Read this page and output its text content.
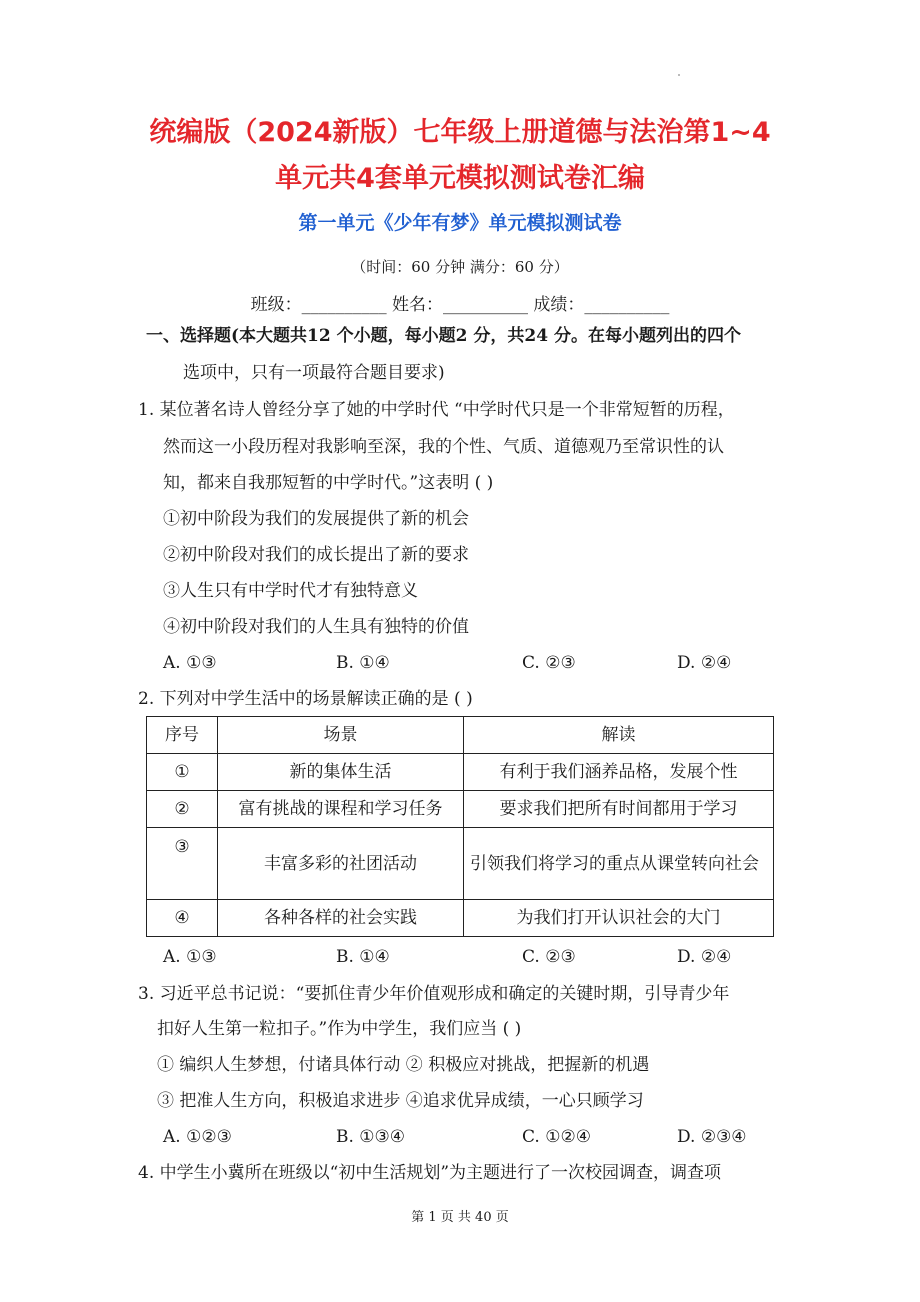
统编版（2024新版）七年级上册道德与法治第1~4
单元共4套单元模拟测试卷汇编
第一单元《少年有梦》单元模拟测试卷
（时间：60 分钟 满分：60 分）
班级：__________ 姓名：__________ 成绩：__________
一、选择题(本大题共12 个小题，每小题2 分，共24 分。在每小题列出的四个
选项中，只有一项最符合题目要求)
1. 某位著名诗人曾经分享了她的中学时代 “中学时代只是一个非常短暂的历程，
然而这一小段历程对我影响至深，我的个性、气质、道德观乃至常识性的认
知，都来自我那短暂的中学时代。”这表明 ( )
①初中阶段为我们的发展提供了新的机会
②初中阶段对我们的成长提出了新的要求
③人生只有中学时代才有独特意义
④初中阶段对我们的人生具有独特的价值
A. ①③	B. ①④	C. ②③	D. ②④
2. 下列对中学生活中的场景解读正确的是 ( )
序号	场景	解读
①	新的集体生活	有利于我们涵养品格，发展个性
②	富有挑战的课程和学习任务	要求我们把所有时间都用于学习
③	丰富多彩的社团活动	引领我们将学习的重点从课堂转向社会
④	各种各样的社会实践	为我们打开认识社会的大门
A. ①③	B. ①④	C. ②③	D. ②④
3. 习近平总书记说：“要抓住青少年价值观形成和确定的关键时期，引导青少年
扣好人生第一粒扣子。”作为中学生，我们应当 ( )
① 编织人生梦想，付诸具体行动 ② 积极应对挑战，把握新的机遇
③ 把准人生方向，积极追求进步 ④追求优异成绩，一心只顾学习
A. ①②③	B. ①③④	C. ①②④	D. ②③④
4. 中学生小冀所在班级以“初中生活规划”为主题进行了一次校园调查，调查项
第 1 页 共 40 页
